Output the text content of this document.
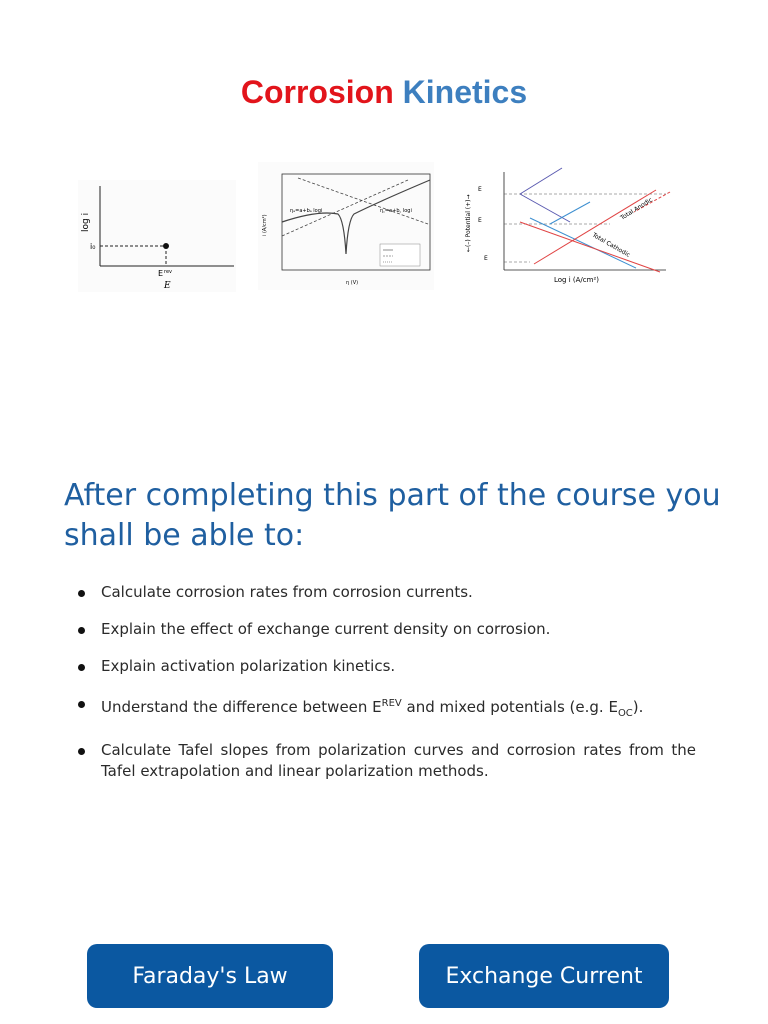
Corrosion Kinetics
log i
i₀
E rev
E
i (A/cm²)
η (V)
ηₐ=a+bₐ logi	η꜀=a+b꜀ logi	←(–) Potential (+)→
Log i (A/cm²)
E
E
E
Total Anodic
Total Cathodic
After completing this part of the course you shall be able to:
Calculate corrosion rates from corrosion currents.
Explain the effect of exchange current density on corrosion.
Explain activation polarization kinetics.
Understand the difference between $E^{REV}$ and mixed potentials (e.g. $E_{OC}$).
Calculate Tafel slopes from polarization curves and corrosion rates from the Tafel extrapolation and linear polarization methods.
Faraday's Law	Exchange Current
